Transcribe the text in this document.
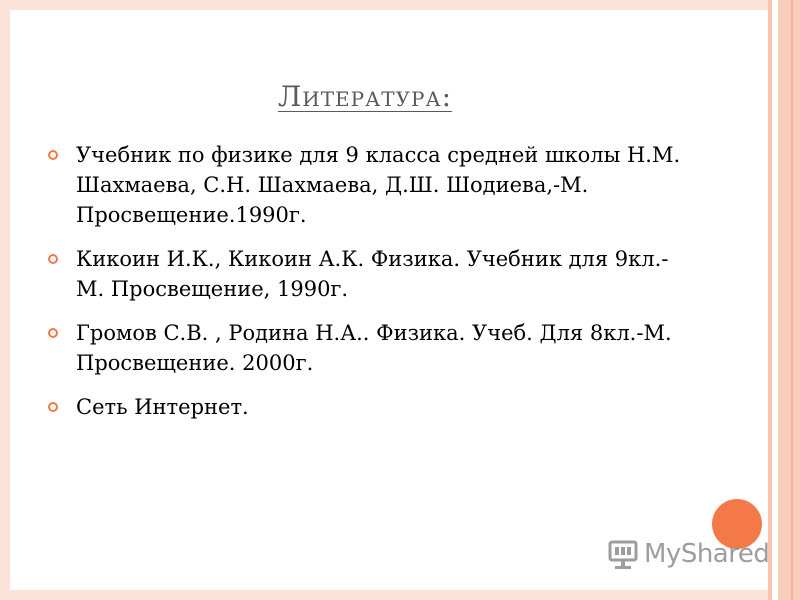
Литература:
Учебник по физике для 9 класса средней школы Н.М. Шахмаева, С.Н. Шахмаева, Д.Ш. Шодиева,-М. Просвещение.1990г.
Кикоин И.К., Кикоин А.К. Физика. Учебник для 9кл.-М. Просвещение, 1990г.
Громов С.В. , Родина Н.А.. Физика. Учеб. Для 8кл.-М. Просвещение. 2000г.
Сеть Интернет.
MyShared
